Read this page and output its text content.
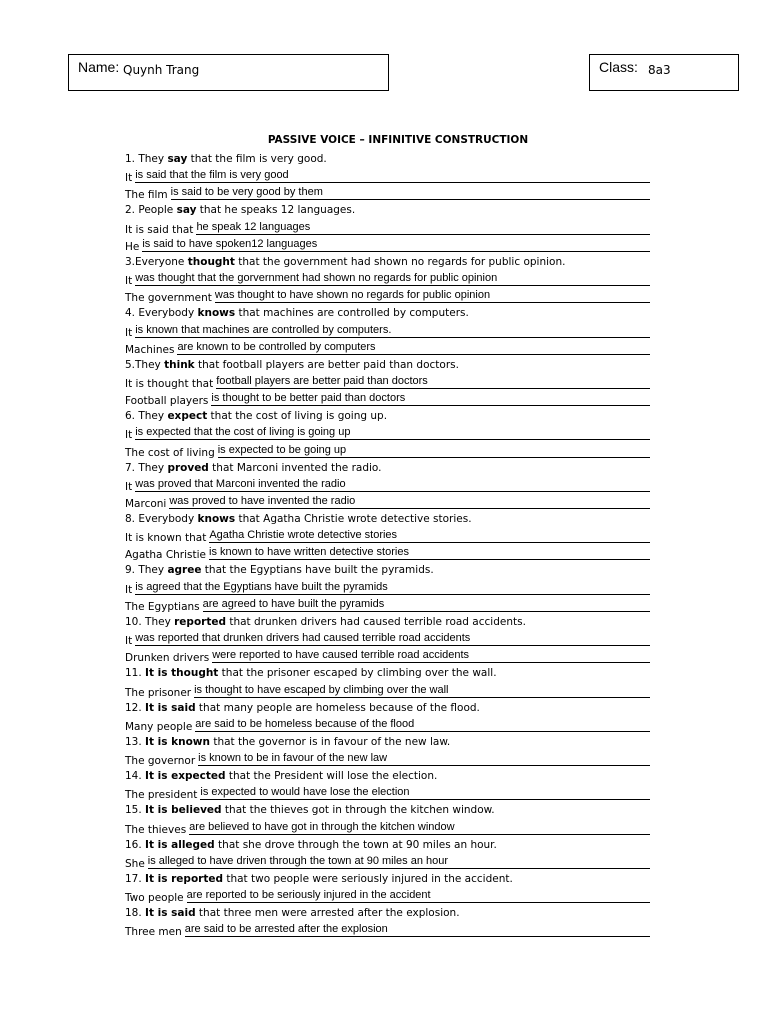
Name: Quynh Trang	Class: 8a3
PASSIVE VOICE – INFINITIVE CONSTRUCTION
1. They say that the film is very good.
It is said that the film is very good
The film is said to be very good by them
2. People say that he speaks 12 languages.
It is said that he speak 12 languages
He is said to have spoken12 languages
3.Everyone thought that the government had shown no regards for public opinion.
It was thought that the gorvernment had shown no regards for public opinion
The government was thought to have shown no regards for public opinion
4. Everybody knows that machines are controlled by computers.
It is known that machines are controlled by computers.
Machines are known to be controlled by computers
5.They think that football players are better paid than doctors.
It is thought that football players are better paid than doctors
Football players is thought to be better paid than doctors
6. They expect that the cost of living is going up.
It is expected that the cost of living is going up
The cost of living is expected to be going up
7. They proved that Marconi invented the radio.
It was proved that Marconi invented the radio
Marconi was proved to have invented the radio
8. Everybody knows that Agatha Christie wrote detective stories.
It is known that Agatha Christie wrote detective stories
Agatha Christie is known to have written detective stories
9. They agree that the Egyptians have built the pyramids.
It is agreed that the Egyptians have built the pyramids
The Egyptians are agreed to have built the pyramids
10. They reported that drunken drivers had caused terrible road accidents.
It was reported that drunken drivers had caused terrible road accidents
Drunken drivers were reported to have caused terrible road accidents
11. It is thought that the prisoner escaped by climbing over the wall.
The prisoner is thought to have escaped by climbing over the wall
12. It is said that many people are homeless because of the flood.
Many people are said to be homeless because of the flood
13. It is known that the governor is in favour of the new law.
The governor is known to be in favour of the new law
14. It is expected that the President will lose the election.
The president is expected to would have lose the election
15. It is believed that the thieves got in through the kitchen window.
The thieves are believed to have got in through the kitchen window
16. It is alleged that she drove through the town at 90 miles an hour.
She is alleged to have driven through the town at 90 miles an hour
17. It is reported that two people were seriously injured in the accident.
Two people are reported to be seriously injured in the accident
18. It is said that three men were arrested after the explosion.
Three men are said to be arrested after the explosion
